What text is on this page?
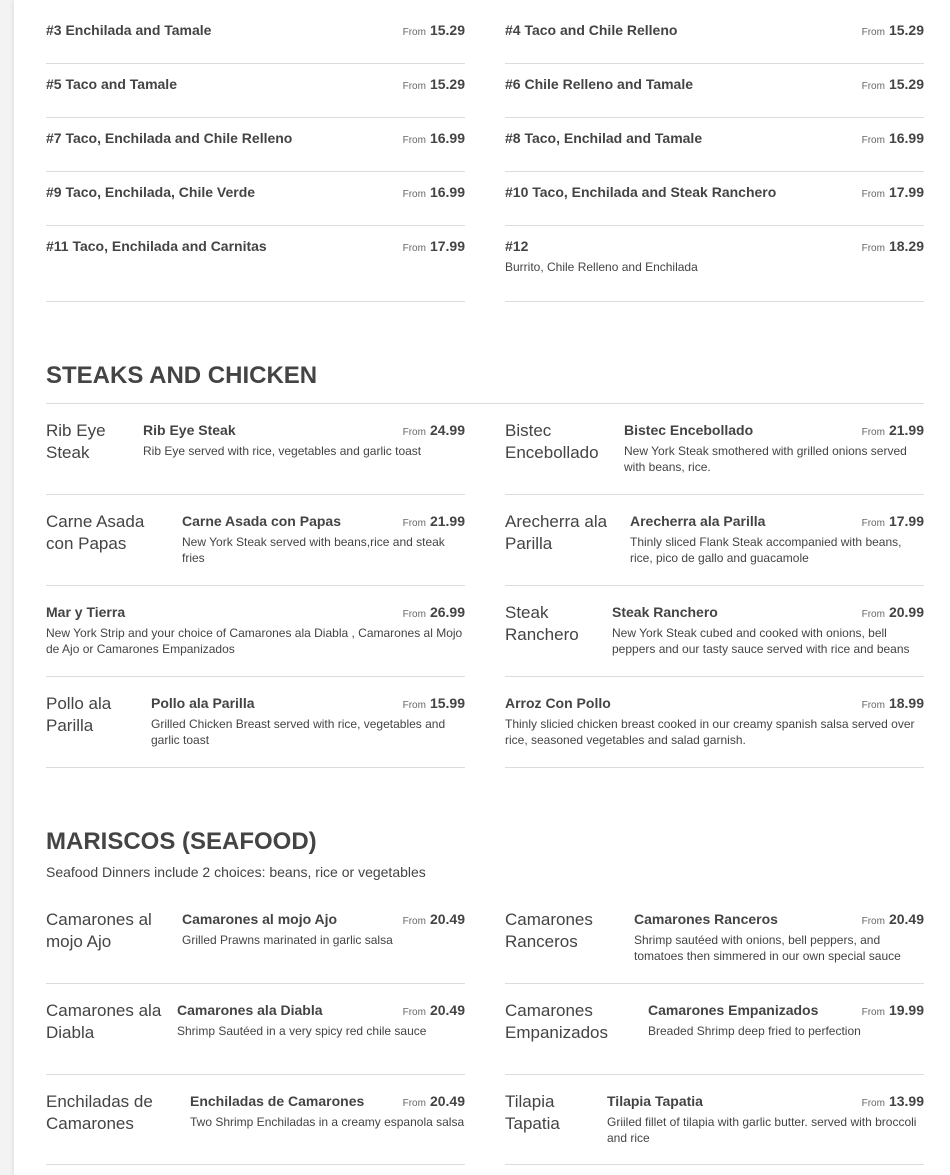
#3 Enchilada and Tamale	From 15.29	#4 Taco and Chile Relleno	From 15.29
#5 Taco and Tamale	From 15.29	#6 Chile Relleno and Tamale	From 15.29
#7 Taco, Enchilada and Chile Relleno	From 16.99	#8 Taco, Enchilad and Tamale	From 16.99
#9 Taco, Enchilada, Chile Verde	From 16.99	#10 Taco, Enchilada and Steak Ranchero	From 17.99
#11 Taco, Enchilada and Carnitas	From 17.99	#12	From 18.29
Burrito, Chile Relleno and Enchilada
STEAKS AND CHICKEN
Rib Eye Steak
Rib Eye Steak	From 24.99
Rib Eye served with rice, vegetables and garlic toast
Bistec Encebollado
Bistec Encebollado	From 21.99
New York Steak smothered with grilled onions served with beans, rice.
Carne Asada con Papas
Carne Asada con Papas	From 21.99
New York Steak served with beans,rice and steak fries
Arecherra ala Parilla
Arecherra ala Parilla	From 17.99
Thinly sliced Flank Steak accompanied with beans, rice, pico de gallo and guacamole
Mar y Tierra	From 26.99
New York Strip and your choice of Camarones ala Diabla , Camarones al Mojo de Ajo or Camarones Empanizados
Steak Ranchero
Steak Ranchero	From 20.99
New York Steak cubed and cooked with onions, bell peppers and our tasty sauce served with rice and beans
Pollo ala Parilla
Pollo ala Parilla	From 15.99
Grilled Chicken Breast served with rice, vegetables and garlic toast
Arroz Con Pollo	From 18.99
Thinly slicied chicken breast cooked in our creamy spanish salsa served over rice, seasoned vegetables and salad garnish.
MARISCOS (SEAFOOD)
Seafood Dinners include 2 choices: beans, rice or vegetables
Camarones al mojo Ajo
Camarones al mojo Ajo	From 20.49
Grilled Prawns marinated in garlic salsa
Camarones Ranceros
Camarones Ranceros	From 20.49
Shrimp sautéed with onions, bell peppers, and tomatoes then simmered in our own special sauce
Camarones ala Diabla
Camarones ala Diabla	From 20.49
Shrimp Sautéed in a very spicy red chile sauce
Camarones Empanizados
Camarones Empanizados	From 19.99
Breaded Shrimp deep fried to perfection
Enchiladas de Camarones
Enchiladas de Camarones	From 20.49
Two Shrimp Enchiladas in a creamy espanola salsa
Tilapia Tapatia
Tilapia Tapatia	From 13.99
Griiled fillet of tilapia with garlic butter. served with broccoli and rice
